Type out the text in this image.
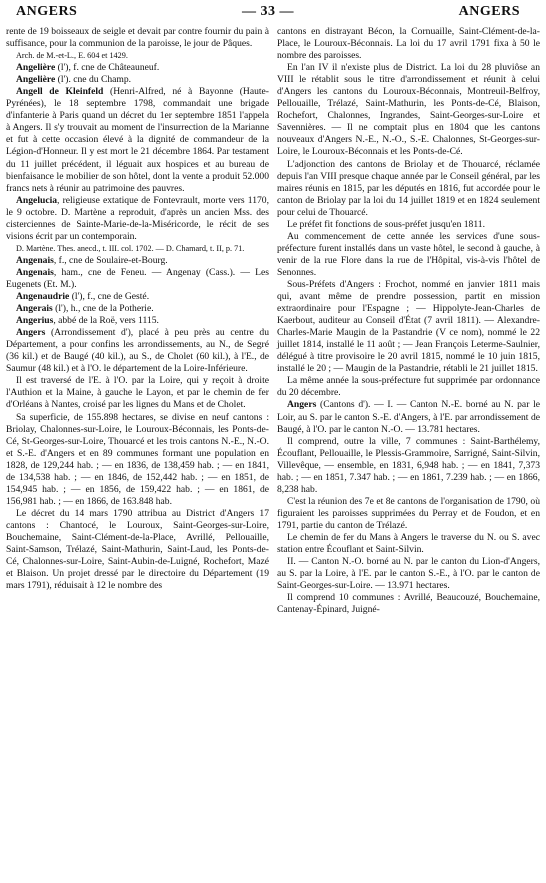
ANGERS	— 33 —	ANGERS

rente de 19 boisseaux de seigle et devait par contre fournir du pain à suffisance, pour la communion de la paroisse, le jour de Pâques.

Arch. de M.-et-L., E. 604 et 1429.

Angelière (l'), f. cne de Châteauneuf.

Angelière (l'). cne du Champ.

Angell de Kleinfeld (Henri-Alfred, né à Bayonne (Haute-Pyrénées), le 18 septembre 1798, commandait une brigade d'infanterie à Paris quand un décret du 1er septembre 1851 l'appela à Angers. Il s'y trouvait au moment de l'insurrection de la Marianne et fut à cette occasion élevé à la dignité de commandeur de la Légion-d'Honneur. Il y est mort le 21 décembre 1864. Par testament du 11 juillet précédent, il léguait aux hospices et au bureau de bienfaisance le mobilier de son hôtel, dont la vente a produit 52.000 francs nets à réunir au patrimoine des pauvres.

Angelucia, religieuse extatique de Fontevrault, morte vers 1170, le 9 octobre. D. Martène a reproduit, d'après un ancien Mss. des cisterciennes de Sainte-Marie-de-la-Miséricorde, le récit de ses visions écrit par un contemporain.

D. Martène. Thes. anecd., t. III. col. 1702. — D. Chamard, t. II, p. 71.

Angenais, f., cne de Soulaire-et-Bourg.

Angenais, ham., cne de Feneu. — Angenay (Cass.). — Les Eugenets (Et. M.).

Angenaudrie (l'), f., cne de Gesté.

Angerais (l'), h., cne de la Potherie.

Angerius, abbé de la Roë, vers 1115.

Angers (Arrondissement d'), placé à peu près au centre du Département, a pour confins les arrondissements, au N., de Segré (36 kil.) et de Baugé (40 kil.), au S., de Cholet (60 kil.), à l'E., de Saumur (48 kil.) et à l'O. le département de la Loire-Inférieure.

Il est traversé de l'E. à l'O. par la Loire, qui y reçoit à droite l'Authion et la Maine, à gauche le Layon, et par le chemin de fer d'Orléans à Nantes, croisé par les lignes du Mans et de Cholet.

Sa superficie, de 155.898 hectares, se divise en neuf cantons : Briolay, Chalonnes-sur-Loire, le Louroux-Béconnais, les Ponts-de-Cé, St-Georges-sur-Loire, Thouarcé et les trois cantons N.-E., N.-O. et S.-E. d'Angers et en 89 communes formant une population en 1828, de 129,244 hab. ; — en 1836, de 138,459 hab. ; — en 1841, de 134,538 hab. ; — en 1846, de 152,442 hab. ; — en 1851, de 154,945 hab. ; — en 1856, de 159,422 hab. ; — en 1861, de 156,981 hab. ; — en 1866, de 163.848 hab.

Le décret du 14 mars 1790 attribua au District d'Angers 17 cantons : Chantocé, le Louroux, Saint-Georges-sur-Loire, Bouchemaine, Saint-Clément-de-la-Place, Avrillé, Pellouaille, Saint-Samson, Trélazé, Saint-Mathurin, Saint-Laud, les Ponts-de-Cé, Chalonnes-sur-Loire, Saint-Aubin-de-Luigné, Rochefort, Mazé et Blaison. Un projet dressé par le directoire du Département (19 mars 1791), réduisait à 12 le nombre des

cantons en distrayant Bécon, la Cornuaille, Saint-Clément-de-la-Place, le Louroux-Béconnais. La loi du 17 avril 1791 fixa à 50 le nombre des paroisses.

En l'an IV il n'existe plus de District. La loi du 28 pluviôse an VIII le rétablit sous le titre d'arrondissement et réunit à celui d'Angers les cantons du Louroux-Béconnais, Montreuil-Belfroy, Pellouaille, Trélazé, Saint-Mathurin, les Ponts-de-Cé, Blaison, Rochefort, Chalonnes, Ingrandes, Saint-Georges-sur-Loire et Savennières. — Il ne comptait plus en 1804 que les cantons nouveaux d'Angers N.-E., N.-O., S.-E. Chalonnes, St-Georges-sur-Loire, le Louroux-Béconnais et les Ponts-de-Cé.

L'adjonction des cantons de Briolay et de Thouarcé, réclamée depuis l'an VIII presque chaque année par le Conseil général, par les maires réunis en 1815, par les députés en 1816, fut accordée pour le canton de Briolay par la loi du 14 juillet 1819 et en 1824 seulement pour celui de Thouarcé.

Le préfet fit fonctions de sous-préfet jusqu'en 1811.

Au commencement de cette année les services d'une sous-préfecture furent installés dans un vaste hôtel, le second à gauche, à venir de la rue Flore dans la rue de l'Hôpital, vis-à-vis l'hôtel de Senonnes.

Sous-Préfets d'Angers : Frochot, nommé en janvier 1811 mais qui, avant même de prendre possession, partit en mission extraordinaire pour l'Espagne ; — Hippolyte-Jean-Charles de Kaerbout, auditeur au Conseil d'État (7 avril 1811). — Alexandre-Charles-Marie Maugin de la Pastandrie (V ce nom), nommé le 22 juillet 1814, installé le 11 août ; — Jean François Leterme-Saulnier, délégué à titre provisoire le 20 avril 1815, nommé le 10 juin 1815, installé le 20 ; — Maugin de la Pastandrie, rétabli le 21 juillet 1815.

La même année la sous-préfecture fut supprimée par ordonnance du 20 décembre.

Angers (Cantons d'). — I. — Canton N.-E. borné au N. par le Loir, au S. par le canton S.-E. d'Angers, à l'E. par arrondissement de Baugé, à l'O. par le canton N.-O. — 13.781 hectares.

Il comprend, outre la ville, 7 communes : Saint-Barthélemy, Écouflant, Pellouaille, le Plessis-Grammoire, Sarrigné, Saint-Silvin, Villevêque, — ensemble, en 1831, 6,948 hab. ; — en 1841, 7,373 hab. ; — en 1851, 7.347 hab. ; — en 1861, 7.239 hab. ; — en 1866, 8,238 hab.

C'est la réunion des 7e et 8e cantons de l'organisation de 1790, où figuraient les paroisses supprimées du Perray et de Foudon, et en 1791, partie du canton de Trélazé.

Le chemin de fer du Mans à Angers le traverse du N. ou S. avec station entre Écouflant et Saint-Silvin.

II. — Canton N.-O. borné au N. par le canton du Lion-d'Angers, au S. par la Loire, à l'E. par le canton S.-E., à l'O. par le canton de Saint-Georges-sur-Loire. — 13.971 hectares.

Il comprend 10 communes : Avrillé, Beaucouzé, Bouchemaine, Cantenay-Épinard, Juigné-
